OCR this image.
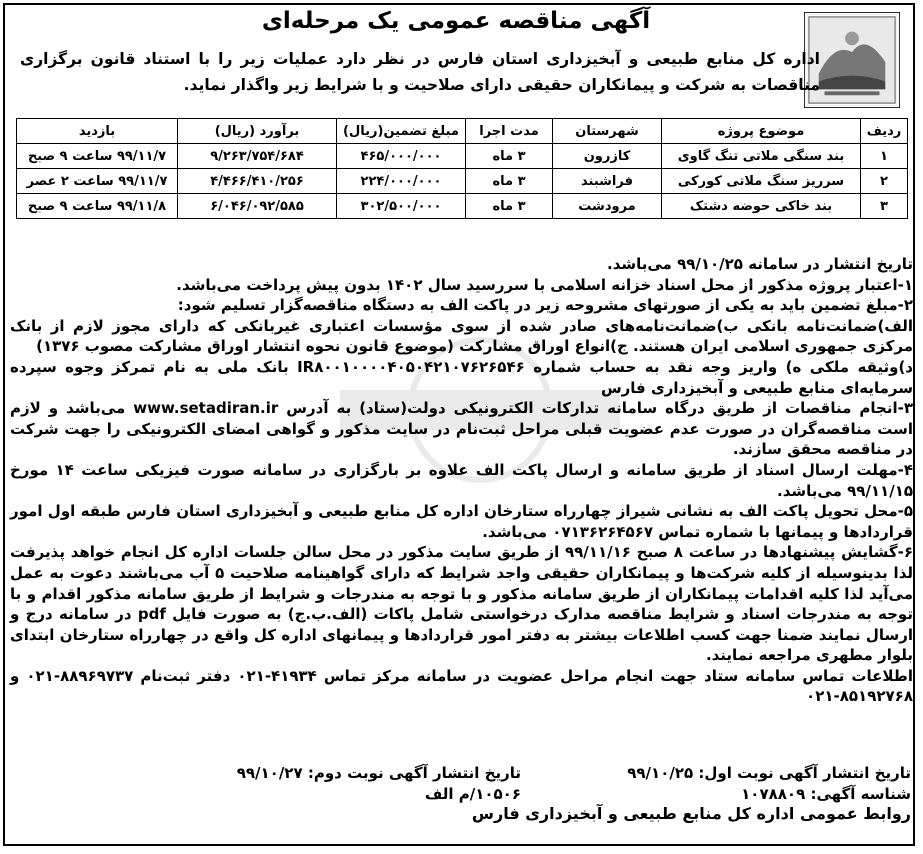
آگهی مناقصه عمومی یک مرحله‌ای
اداره کل منابع طبیعی و آبخیزداری استان فارس در نظر دارد عملیات زیر را با استناد قانون برگزاری مناقصات به شرکت و پیمانکاران حقیقی دارای صلاحیت و با شرایط زیر واگذار نماید.
ردیف	موضوع پروژه	شهرستان	مدت اجرا	مبلغ تضمین(ریال)	برآورد (ریال)	بازدید
۱	بند سنگی ملاتی تنگ گاوی	کازرون	۳ ماه	۴۶۵/۰۰۰/۰۰۰	۹/۲۶۳/۷۵۴/۶۸۴	۹۹/۱۱/۷ ساعت ۹ صبح
۲	سرریز سنگ ملاتی کورکی	فراشبند	۳ ماه	۲۲۴/۰۰۰/۰۰۰	۴/۴۶۶/۴۱۰/۲۵۶	۹۹/۱۱/۷ ساعت ۲ عصر
۳	بند خاکی حوضه دشتک	مرودشت	۳ ماه	۳۰۲/۵۰۰/۰۰۰	۶/۰۴۶/۰۹۲/۵۸۵	۹۹/۱۱/۸ ساعت ۹ صبح

تاریخ انتشار در سامانه ۹۹/۱۰/۲۵ می‌باشد.

۱-اعتبار پروژه مذکور از محل اسناد خزانه اسلامی با سررسید سال ۱۴۰۲ بدون پیش پرداخت می‌باشد.

۲-مبلغ تضمین باید به یکی از صورتهای مشروحه زیر در پاکت الف به دستگاه مناقصه‌گزار تسلیم شود:

الف)ضمانت‌نامه بانکی ب)ضمانت‌نامه‌های صادر شده از سوی مؤسسات اعتباری غیربانکی که دارای مجوز لازم از بانک مرکزی جمهوری اسلامی ایران هستند. ج)انواع اوراق مشارکت (موضوع قانون نحوه انتشار اوراق مشارکت مصوب ۱۳۷۶)

د)وثیقه ملکی ه) واریز وجه نقد به حساب شماره IR۸۰۰۱۰۰۰۰۴۰۵۰۴۲۱۰۷۶۲۶۵۴۶ بانک ملی به نام تمرکز وجوه سپرده سرمایه‌ای منابع طبیعی و آبخیزداری فارس

۳-انجام مناقصات از طریق درگاه سامانه تدارکات الکترونیکی دولت(ستاد) به آدرس www.setadiran.ir می‌باشد و لازم است مناقصه‌گران در صورت عدم عضویت قبلی مراحل ثبت‌نام در سایت مذکور و گواهی امضای الکترونیکی را جهت شرکت در مناقصه محقق سازند.

۴-مهلت ارسال اسناد از طریق سامانه و ارسال پاکت الف علاوه بر بارگزاری در سامانه صورت فیزیکی ساعت ۱۴ مورخ ۹۹/۱۱/۱۵ می‌باشد.

۵-محل تحویل پاکت الف به نشانی شیراز چهارراه ستارخان اداره کل منابع طبیعی و آبخیزداری استان فارس طبقه اول امور قراردادها و پیمانها با شماره تماس ۰۷۱۳۶۲۶۴۵۶۷ می‌باشد.

۶-گشایش پیشنهادها در ساعت ۸ صبح ۹۹/۱۱/۱۶ از طریق سایت مذکور در محل سالن جلسات اداره کل انجام خواهد پذیرفت لذا بدینوسیله از کلیه شرکت‌ها و پیمانکاران حقیقی واجد شرایط که دارای گواهینامه صلاحیت ۵ آب می‌باشند دعوت به عمل می‌آید لذا کلیه اقدامات پیمانکاران از طریق سامانه مذکور و با توجه به مندرجات و شرایط از طریق سامانه مذکور اقدام و با توجه به مندرجات اسناد و شرایط مناقصه مدارک درخواستی شامل پاکات (الف.ب.ج) به صورت فایل pdf در سامانه درج و ارسال نمایند ضمنا جهت کسب اطلاعات بیشتر به دفتر امور قراردادها و پیمانهای اداره کل واقع در چهارراه ستارخان ابتدای بلوار مطهری مراجعه نمایند.

اطلاعات تماس سامانه ستاد جهت انجام مراحل عضویت در سامانه مرکز تماس ۴۱۹۳۴-۰۲۱ دفتر ثبت‌نام ۸۸۹۶۹۷۳۷-۰۲۱ و ۸۵۱۹۲۷۶۸-۰۲۱

تاریخ انتشار آگهی نوبت اول: ۹۹/۱۰/۲۵
تاریخ انتشار آگهی نوبت دوم: ۹۹/۱۰/۲۷
شناسه آگهی: ۱۰۷۸۸۰۹
۱۰۵۰۶/م الف
روابط عمومی اداره کل منابع طبیعی و آبخیزداری فارس
